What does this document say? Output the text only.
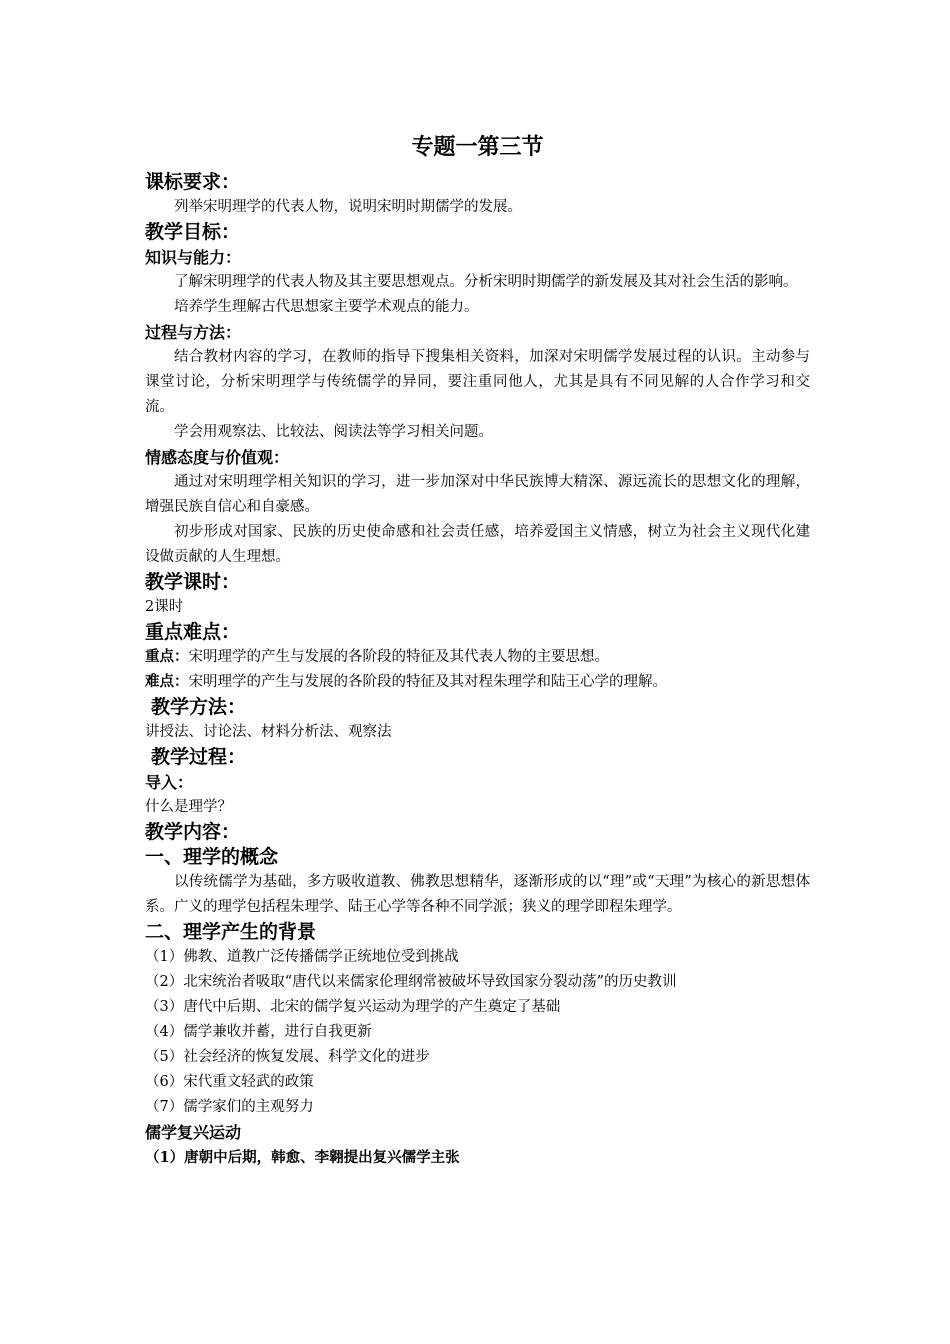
专题一第三节
课标要求：
列举宋明理学的代表人物，说明宋明时期儒学的发展。
教学目标：
知识与能力：
了解宋明理学的代表人物及其主要思想观点。分析宋明时期儒学的新发展及其对社会生活的影响。
培养学生理解古代思想家主要学术观点的能力。
过程与方法：
结合教材内容的学习，在教师的指导下搜集相关资料，加深对宋明儒学发展过程的认识。主动参与课堂讨论，分析宋明理学与传统儒学的异同，要注重同他人，尤其是具有不同见解的人合作学习和交流。
学会用观察法、比较法、阅读法等学习相关问题。
情感态度与价值观：
通过对宋明理学相关知识的学习，进一步加深对中华民族博大精深、源远流长的思想文化的理解，增强民族自信心和自豪感。
初步形成对国家、民族的历史使命感和社会责任感，培养爱国主义情感，树立为社会主义现代化建设做贡献的人生理想。
教学课时：
2课时
重点难点：
重点：宋明理学的产生与发展的各阶段的特征及其代表人物的主要思想。
难点：宋明理学的产生与发展的各阶段的特征及其对程朱理学和陆王心学的理解。
教学方法：
讲授法、讨论法、材料分析法、观察法
教学过程：
导入：
什么是理学？
教学内容：
一、理学的概念
以传统儒学为基础，多方吸收道教、佛教思想精华，逐渐形成的以“理”或“天理”为核心的新思想体系。广义的理学包括程朱理学、陆王心学等各种不同学派；狭义的理学即程朱理学。
二、理学产生的背景
（1）佛教、道教广泛传播儒学正统地位受到挑战
（2）北宋统治者吸取“唐代以来儒家伦理纲常被破坏导致国家分裂动荡”的历史教训
（3）唐代中后期、北宋的儒学复兴运动为理学的产生奠定了基础
（4）儒学兼收并蓄，进行自我更新
（5）社会经济的恢复发展、科学文化的进步
（6）宋代重文轻武的政策
（7）儒学家们的主观努力
儒学复兴运动
（1）唐朝中后期，韩愈、李翱提出复兴儒学主张
